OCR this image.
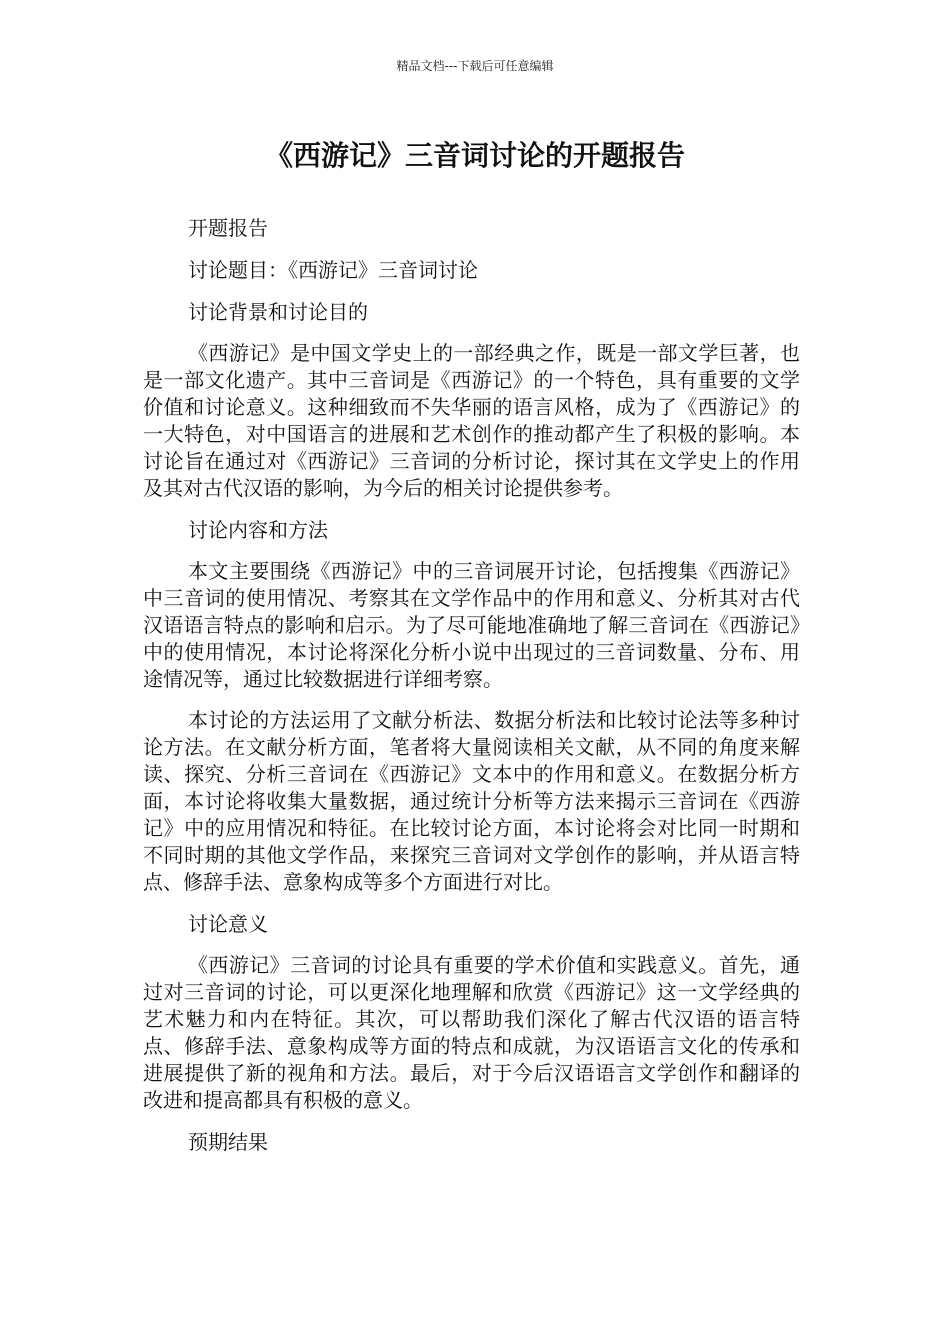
精品文档---下载后可任意编辑
《西游记》三音词讨论的开题报告
开题报告
讨论题目：《西游记》三音词讨论
讨论背景和讨论目的

《西游记》是中国文学史上的一部经典之作，既是一部文学巨著，也是一部文化遗产。其中三音词是《西游记》的一个特色，具有重要的文学价值和讨论意义。这种细致而不失华丽的语言风格，成为了《西游记》的一大特色，对中国语言的进展和艺术创作的推动都产生了积极的影响。本讨论旨在通过对《西游记》三音词的分析讨论，探讨其在文学史上的作用及其对古代汉语的影响，为今后的相关讨论提供参考。

讨论内容和方法

本文主要围绕《西游记》中的三音词展开讨论，包括搜集《西游记》中三音词的使用情况、考察其在文学作品中的作用和意义、分析其对古代汉语语言特点的影响和启示。为了尽可能地准确地了解三音词在《西游记》中的使用情况，本讨论将深化分析小说中出现过的三音词数量、分布、用途情况等，通过比较数据进行详细考察。

本讨论的方法运用了文献分析法、数据分析法和比较讨论法等多种讨论方法。在文献分析方面，笔者将大量阅读相关文献，从不同的角度来解读、探究、分析三音词在《西游记》文本中的作用和意义。在数据分析方面，本讨论将收集大量数据，通过统计分析等方法来揭示三音词在《西游记》中的应用情况和特征。在比较讨论方面，本讨论将会对比同一时期和不同时期的其他文学作品，来探究三音词对文学创作的影响，并从语言特点、修辞手法、意象构成等多个方面进行对比。

讨论意义

《西游记》三音词的讨论具有重要的学术价值和实践意义。首先，通过对三音词的讨论，可以更深化地理解和欣赏《西游记》这一文学经典的艺术魅力和内在特征。其次，可以帮助我们深化了解古代汉语的语言特点、修辞手法、意象构成等方面的特点和成就，为汉语语言文化的传承和进展提供了新的视角和方法。最后，对于今后汉语语言文学创作和翻译的改进和提高都具有积极的意义。

预期结果
